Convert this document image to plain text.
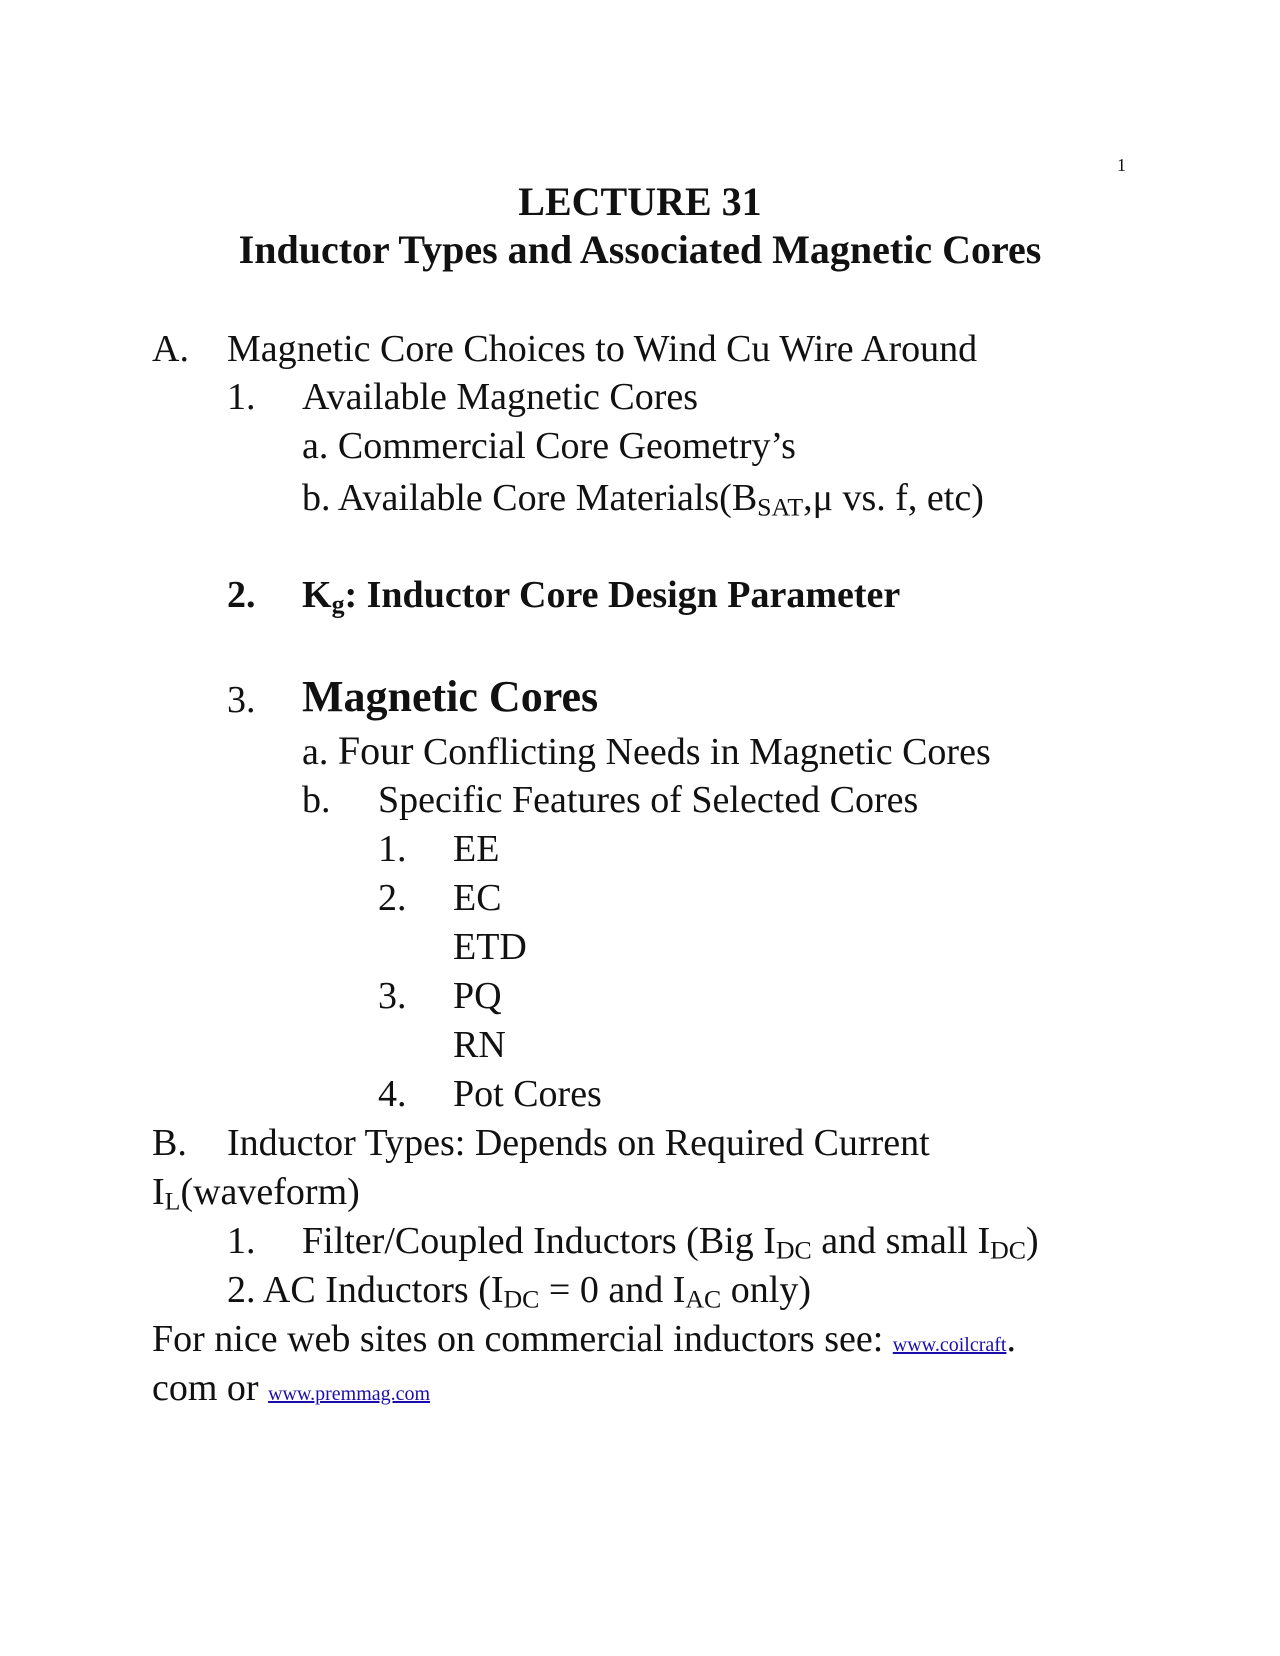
1
LECTURE 31
Inductor Types and Associated Magnetic Cores
A. Magnetic Core Choices to Wind Cu Wire Around
1. Available Magnetic Cores
a. Commercial Core Geometry’s
b. Available Core $Materials(B_{SAT},\mu$ vs. f, etc)
2. $K_g$: Inductor Core Design Parameter
3. Magnetic Cores
a. Four Conflicting Needs in Magnetic Cores
b. Specific Features of Selected Cores
1. EE
2. EC
ETD
3. PQ
RN
4. Pot Cores
B. Inductor Types: Depends on Required Current
$I_L(waveform)$
1. Filter/Coupled Inductors (Big $I_{DC}$ and small $I_{DC}$)
2. AC Inductors ($I_{DC} = 0$ and $I_{AC}$ only)
For nice web sites on commercial inductors see: www.coilcraft.
com or www.premmag.com
